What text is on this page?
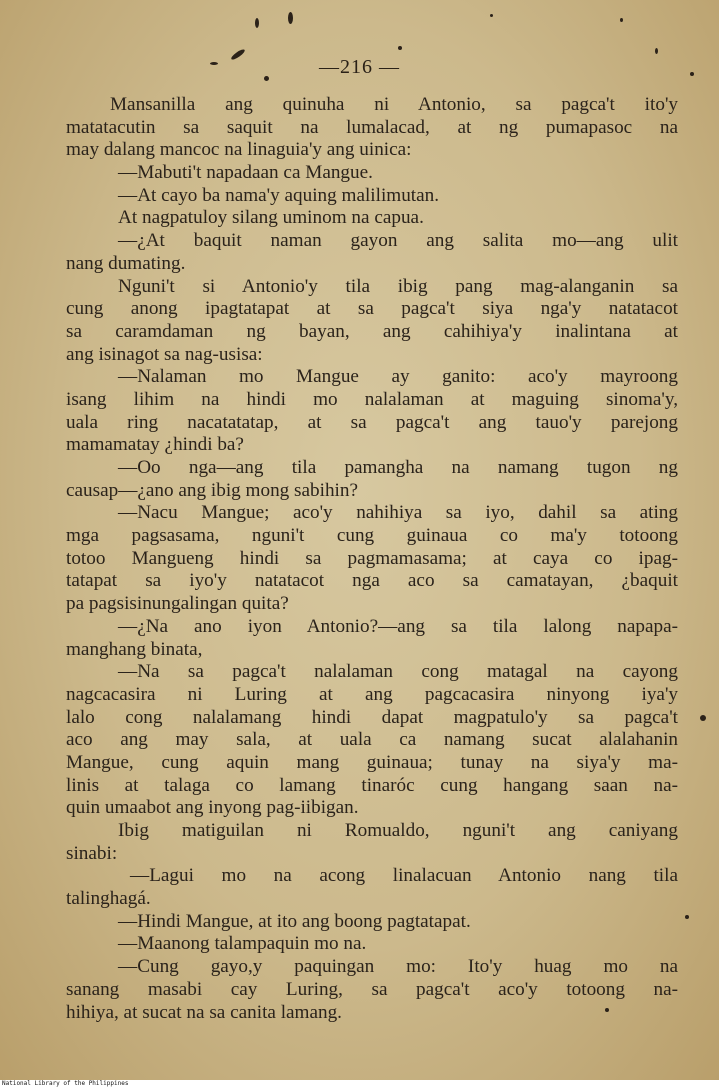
—216 —
Mansanilla ang quinuha ni Antonio, sa pagca't ito'y
matatacutin sa saquit na lumalacad, at ng pumapasoc na
may dalang mancoc na linaguia'y ang uinica:
—Mabuti't napadaan ca Mangue.
—At cayo ba nama'y aquing malilimutan.
At nagpatuloy silang uminom na capua.
—¿At baquit naman gayon ang salita mo—ang ulit
nang dumating.
Nguni't si Antonio'y tila ibig pang mag-alanganin sa
cung anong ipagtatapat at sa pagca't siya nga'y natatacot
sa caramdaman ng bayan, ang cahihiya'y inalintana at
ang isinagot sa nag-usisa:
—Nalaman mo Mangue ay ganito: aco'y mayroong
isang lihim na hindi mo nalalaman at maguing sinoma'y,
uala ring nacatatatap, at sa pagca't ang tauo'y parejong
mamamatay ¿hindi ba?
—Oo nga—ang tila pamangha na namang tugon ng
causap—¿ano ang ibig mong sabihin?
—Nacu Mangue; aco'y nahihiya sa iyo, dahil sa ating
mga pagsasama, nguni't cung guinaua co ma'y totoong
totoo Mangueng hindi sa pagmamasama; at caya co ipag-
tatapat sa iyo'y natatacot nga aco sa camatayan, ¿baquit
pa pagsisinungalingan quita?
—¿Na ano iyon Antonio?—ang sa tila lalong napapa-
manghang binata,
—Na sa pagca't nalalaman cong matagal na cayong
nagcacasira ni Luring at ang pagcacasira ninyong iya'y
lalo cong nalalamang hindi dapat magpatulo'y sa pagca't
aco ang may sala, at uala ca namang sucat alalahanin
Mangue, cung aquin mang guinaua; tunay na siya'y ma-
linis at talaga co lamang tinaróc cung hangang saan na-
quin umaabot ang inyong pag-iibigan.
Ibig matiguilan ni Romualdo, nguni't ang caniyang
sinabi:
—Lagui mo na acong linalacuan Antonio nang tila
talinghagá.
—Hindi Mangue, at ito ang boong pagtatapat.
—Maanong talampaquin mo na.
—Cung gayo,y paquingan mo: Ito'y huag mo na
sanang masabi cay Luring, sa pagca't aco'y totoong na-
hihiya, at sucat na sa canita lamang.
National Library of the Philippines
